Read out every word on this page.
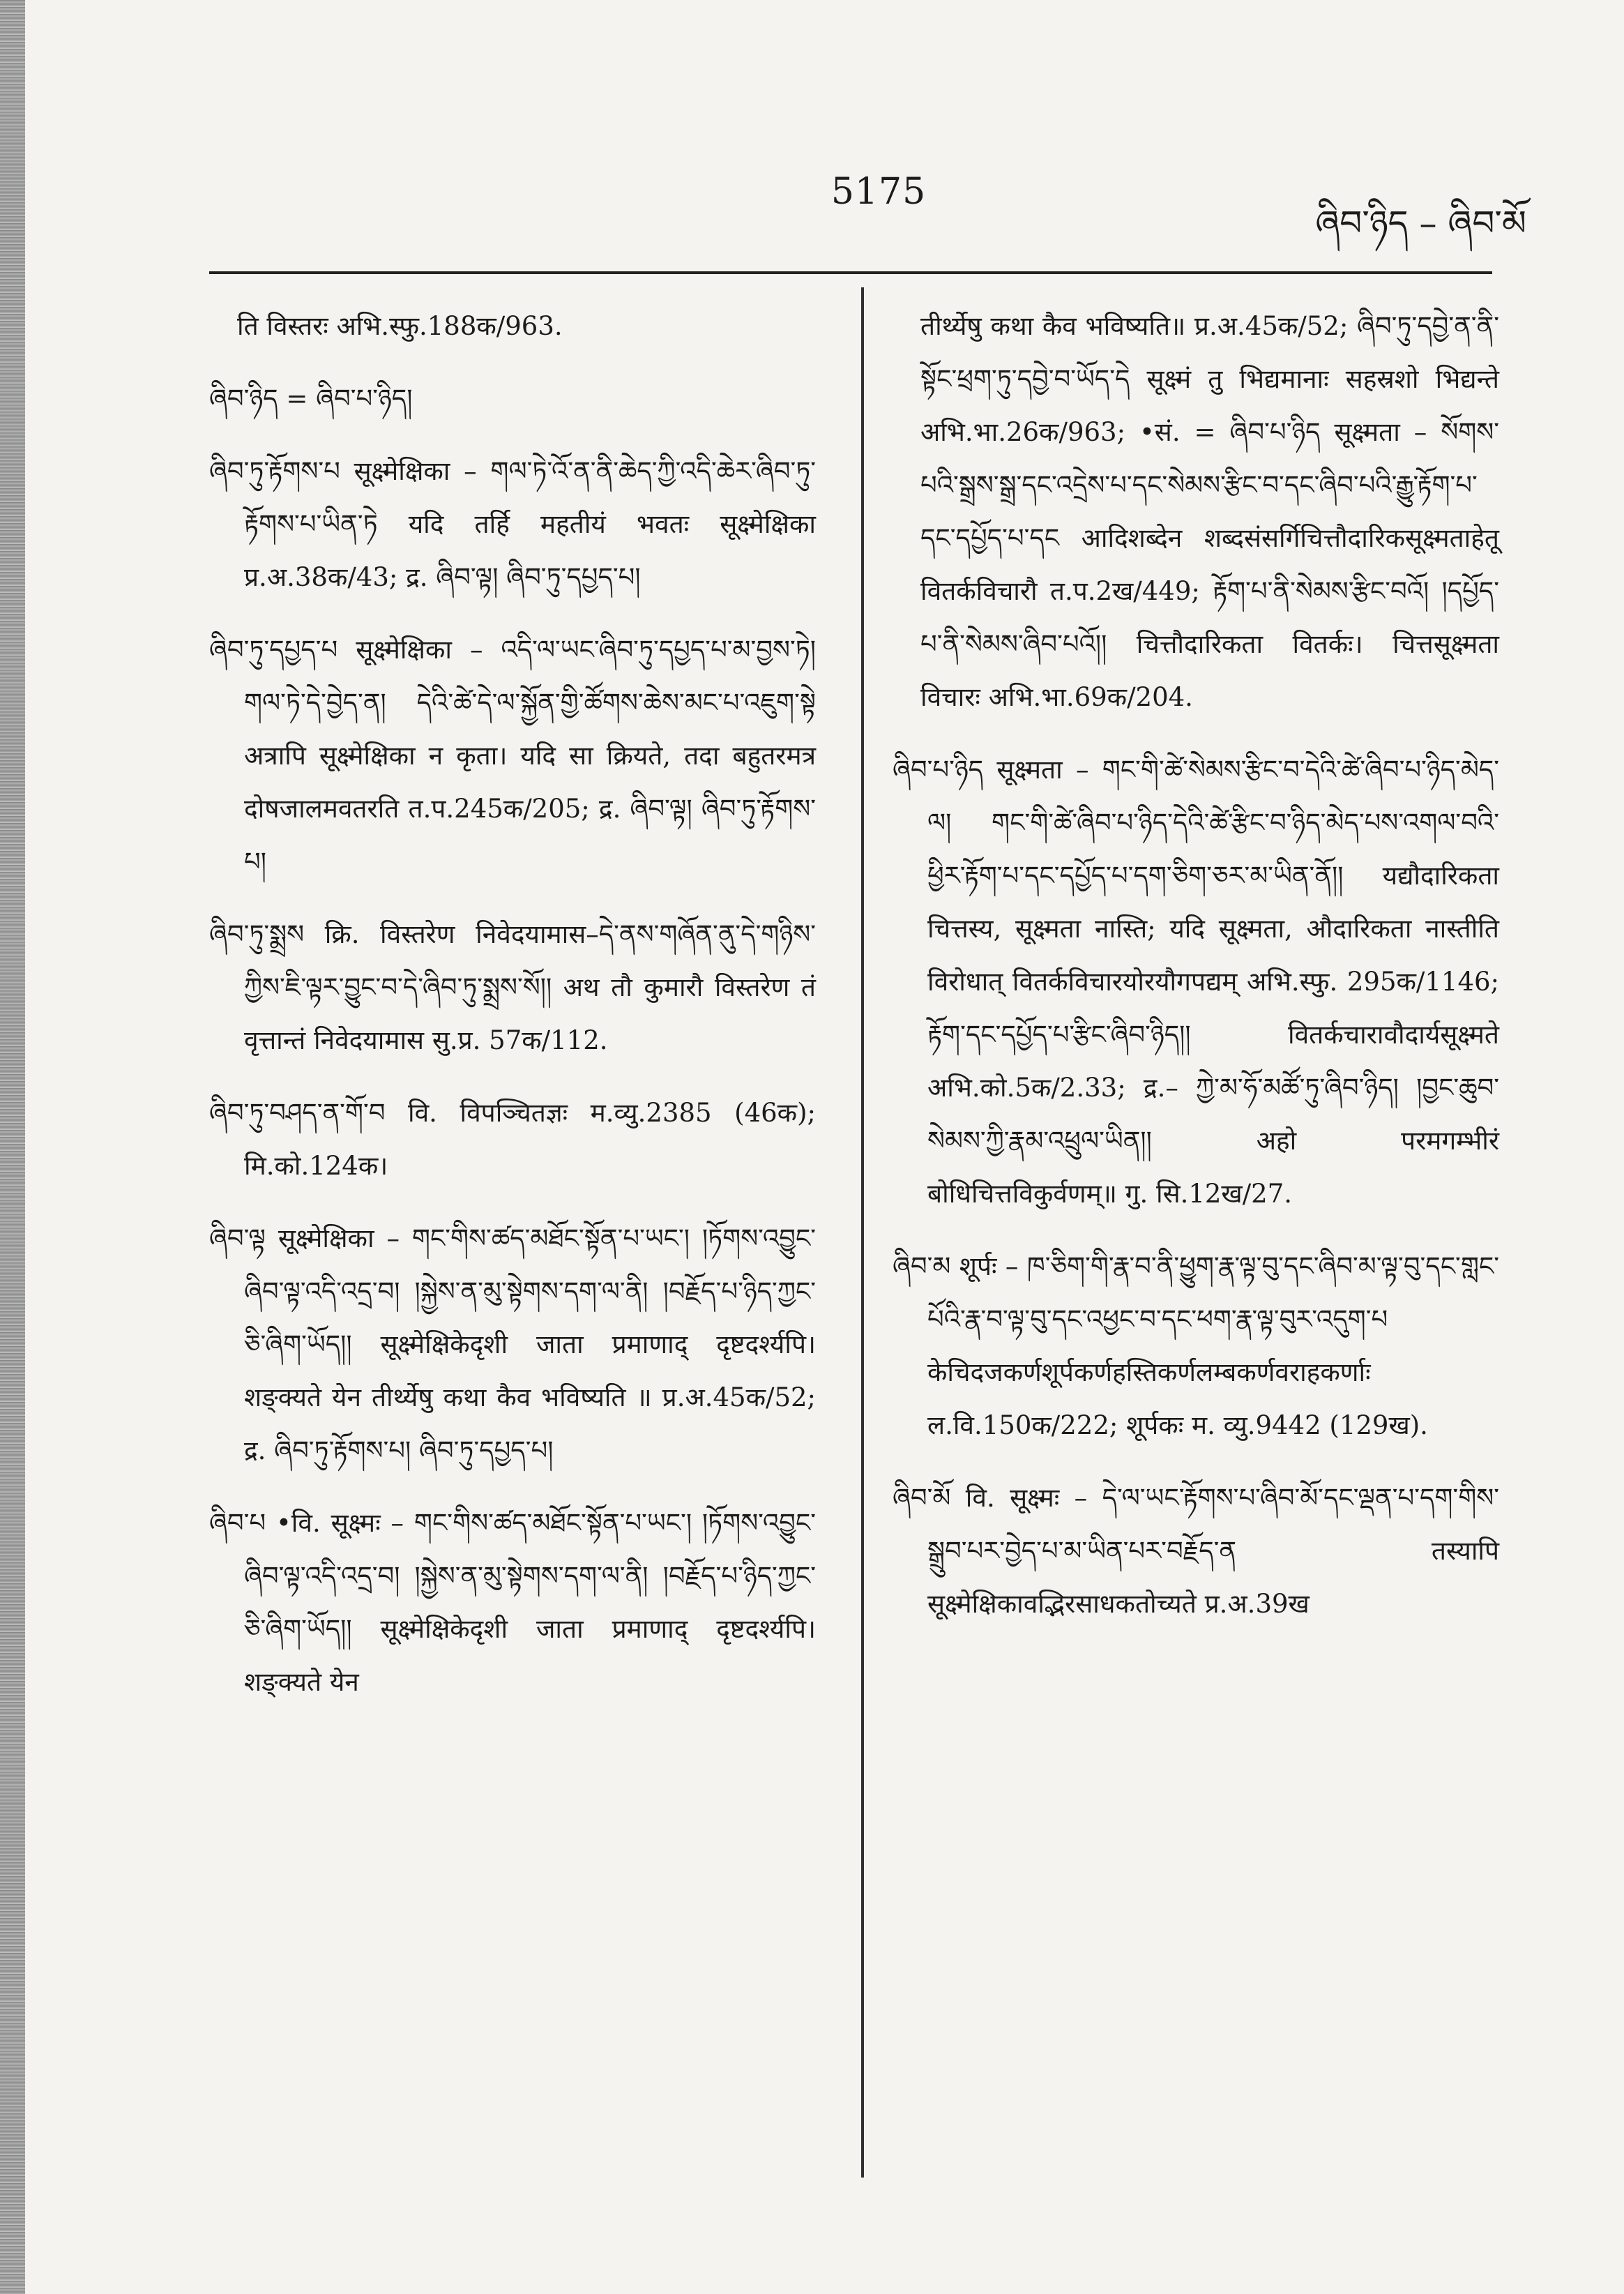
5175
ཞིབ་ཉིད – ཞིབ་མོ

ति विस्तरः अभि.स्फु.188क/963.

ཞིབ་ཉིད = ཞིབ་པ་ཉིད།

ཞིབ་ཏུ་རྟོགས་པ सूक्ष्मेक्षिका – གལ་ཏེ་འོ་ན་ནི་ཆེད་ཀྱི་འདི་ཆེར་ཞིབ་ཏུ་རྟོགས་པ་ཡིན་ཏེ यदि तर्हि महतीयं भवतः सूक्ष्मेक्षिका प्र.अ.38क/43; द्र. ཞིབ་ལྟ། ཞིབ་ཏུ་དཔྱད་པ།

ཞིབ་ཏུ་དཔྱད་པ सूक्ष्मेक्षिका – འདི་ལ་ཡང་ཞིབ་ཏུ་དཔྱད་པ་མ་བྱས་ཏེ། གལ་ཏེ་དེ་བྱེད་ན། དེའི་ཚེ་དེ་ལ་སྐྱོན་གྱི་ཚོགས་ཆེས་མང་པ་འཇུག་སྟེ अत्रापि सूक्ष्मेक्षिका न कृता। यदि सा क्रियते, तदा बहुतरमत्र दोषजालमवतरति त.प.245क/205; द्र. ཞིབ་ལྟ། ཞིབ་ཏུ་རྟོགས་པ།

ཞིབ་ཏུ་སྨྲས क्रि. विस्तरेण निवेदयामास–དེ་ནས་གཞོན་ནུ་དེ་གཉིས་ཀྱིས་ཇི་ལྟར་བྱུང་བ་དེ་ཞིབ་ཏུ་སྨྲས་སོ།། अथ तौ कुमारौ विस्तरेण तं वृत्तान्तं निवेदयामास सु.प्र. 57क/112.

ཞིབ་ཏུ་བཤད་ན་གོ་བ वि. विपञ्चितज्ञः म.व्यु.2385 (46क); मि.को.124क।

ཞིབ་ལྟ सूक्ष्मेक्षिका – གང་གིས་ཚད་མཐོང་སྟོན་པ་ཡང་། །ཏོགས་འབྱུང་ཞིབ་ལྟ་འདི་འདྲ་བ། །སྐྱེས་ན་མུ་སྟེགས་དག་ལ་ནི། །བརྗོད་པ་ཉིད་ཀྱང་ཅི་ཞིག་ཡོད།། सूक्ष्मेक्षिकेदृशी जाता प्रमाणाद् दृष्टदर्श्यपि। शङ्क्यते येन तीर्थ्येषु कथा कैव भविष्यति ॥ प्र.अ.45क/52; द्र. ཞིབ་ཏུ་རྟོགས་པ། ཞིབ་ཏུ་དཔྱད་པ།

ཞིབ་པ •वि. सूक्ष्मः – གང་གིས་ཚད་མཐོང་སྟོན་པ་ཡང་། །ཏོགས་འབྱུང་ཞིབ་ལྟ་འདི་འདྲ་བ། །སྐྱེས་ན་མུ་སྟེགས་དག་ལ་ནི། །བརྗོད་པ་ཉིད་ཀྱང་ཅི་ཞིག་ཡོད།། सूक्ष्मेक्षिकेदृशी जाता प्रमाणाद् दृष्टदर्श्यपि। शङ्क्यते येन

तीर्थ्येषु कथा कैव भविष्यति॥ प्र.अ.45क/52; ཞིབ་ཏུ་དབྱེ་ན་ནི་སྟོང་ཕྲག་ཏུ་དབྱེ་བ་ཡོད་དེ सूक्ष्मं तु भिद्यमानाः सहस्रशो भिद्यन्ते अभि.भा.26क/963; •सं. = ཞིབ་པ་ཉིད सूक्ष्मता – སོགས་པའི་སྒྲས་སྒྲ་དང་འདྲེས་པ་དང་སེམས་རྩིང་བ་དང་ཞིབ་པའི་རྒྱུ་རྟོག་པ་དང་དཔྱོད་པ་དང आदिशब्देन शब्दसंसर्गिचित्तौदारिकसूक्ष्मताहेतू वितर्कविचारौ त.प.2ख/449; རྟོག་པ་ནི་སེམས་རྩིང་བའོ། །དཔྱོད་པ་ནི་སེམས་ཞིབ་པའོ།། चित्तौदारिकता वितर्कः। चित्तसूक्ष्मता विचारः अभि.भा.69क/204.

ཞིབ་པ་ཉིད सूक्ष्मता – གང་གི་ཚེ་སེམས་རྩིང་བ་དེའི་ཚེ་ཞིབ་པ་ཉིད་མེད་ལ། གང་གི་ཚེ་ཞིབ་པ་ཉིད་དེའི་ཚེ་རྩིང་བ་ཉིད་མེད་པས་འགལ་བའི་ཕྱིར་རྟོག་པ་དང་དཔྱོད་པ་དག་ཅིག་ཅར་མ་ཡིན་ནོ།། यद्यौदारिकता चित्तस्य, सूक्ष्मता नास्ति; यदि सूक्ष्मता, औदारिकता नास्तीति विरोधात् वितर्कविचारयोरयौगपद्यम् अभि.स्फु. 295क/1146; རྟོག་དང་དཔྱོད་པ་རྩིང་ཞིབ་ཉིད།། वितर्कचारावौदार्यसूक्ष्मते अभि.को.5क/2.33; द्र.– ཀྱེ་མ་ཧོ་མཚོ་ཏུ་ཞིབ་ཉིད། །བྱང་ཆུབ་སེམས་ཀྱི་རྣམ་འཕྲུལ་ཡིན།། अहो परमगम्भीरं बोधिचित्तविकुर्वणम्॥ गु. सि.12ख/27.

ཞིབ་མ शूर्पः – ཁ་ཅིག་གི་རྣ་བ་ནི་ཕྱུག་རྣ་ལྟ་བུ་དང་ཞིབ་མ་ལྟ་བུ་དང་གླང་པོའི་རྣ་བ་ལྟ་བུ་དང་འཕྱང་བ་དང་ཕག་རྣ་ལྟ་བུར་འདུག་པ केचिदजकर्णशूर्पकर्णहस्तिकर्णलम्बकर्णवराहकर्णाः ल.वि.150क/222; शूर्पकः म. व्यु.9442 (129ख).

ཞིབ་མོ वि. सूक्ष्मः – དེ་ལ་ཡང་རྟོགས་པ་ཞིབ་མོ་དང་ལྡན་པ་དག་གིས་སྒྲུབ་པར་བྱེད་པ་མ་ཡིན་པར་བརྗོད་ན तस्यापि सूक्ष्मेक्षिकावद्भिरसाधकतोच्यते प्र.अ.39ख
